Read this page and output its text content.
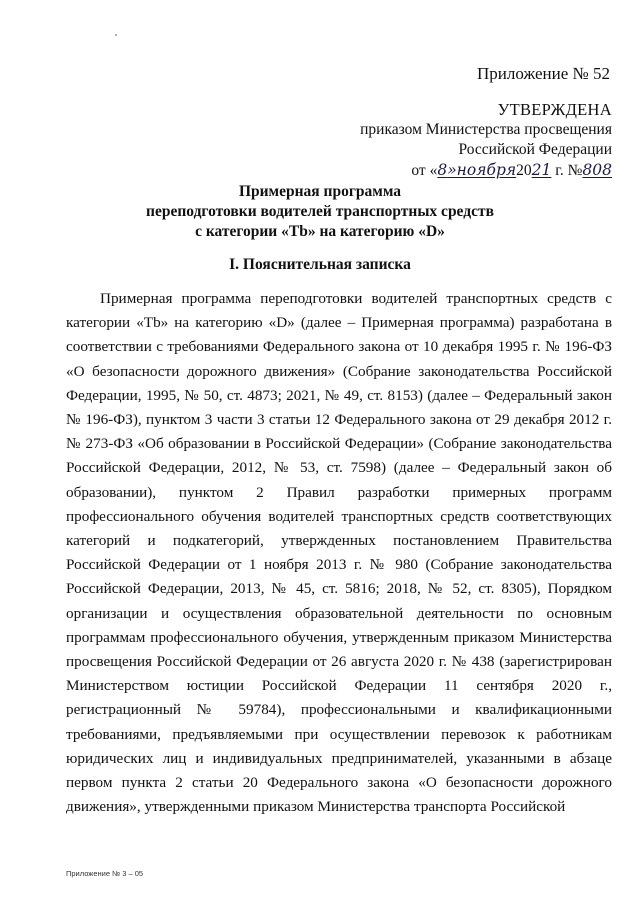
Приложение № 52
УТВЕРЖДЕНА
приказом Министерства просвещения
Российской Федерации
от «8»ноября2021 г. №808
Примерная программа
переподготовки водителей транспортных средств
с категории «Tb» на категорию «D»
I. Пояснительная записка

Примерная программа переподготовки водителей транспортных средств с категории «Tb» на категорию «D» (далее – Примерная программа) разработана в соответствии с требованиями Федерального закона от 10 декабря 1995 г. № 196-ФЗ «О безопасности дорожного движения» (Собрание законодательства Российской Федерации, 1995, № 50, ст. 4873; 2021, № 49, ст. 8153) (далее – Федеральный закон № 196-ФЗ), пунктом 3 части 3 статьи 12 Федерального закона от 29 декабря 2012 г. № 273-ФЗ «Об образовании в Российской Федерации» (Собрание законодательства Российской Федерации, 2012, № 53, ст. 7598) (далее – Федеральный закон об образовании), пунктом 2 Правил разработки примерных программ профессионального обучения водителей транспортных средств соответствующих категорий и подкатегорий, утвержденных постановлением Правительства Российской Федерации от 1 ноября 2013 г. № 980 (Собрание законодательства Российской Федерации, 2013, № 45, ст. 5816; 2018, № 52, ст. 8305), Порядком организации и осуществления образовательной деятельности по основным программам профессионального обучения, утвержденным приказом Министерства просвещения Российской Федерации от 26 августа 2020 г. № 438 (зарегистрирован Министерством юстиции Российской Федерации 11 сентября 2020 г., регистрационный № 59784), профессиональными и квалификационными требованиями, предъявляемыми при осуществлении перевозок к работникам юридических лиц и индивидуальных предпринимателей, указанными в абзаце первом пункта 2 статьи 20 Федерального закона «О безопасности дорожного движения», утвержденными приказом Министерства транспорта Российской

Приложение № 3 – 05
